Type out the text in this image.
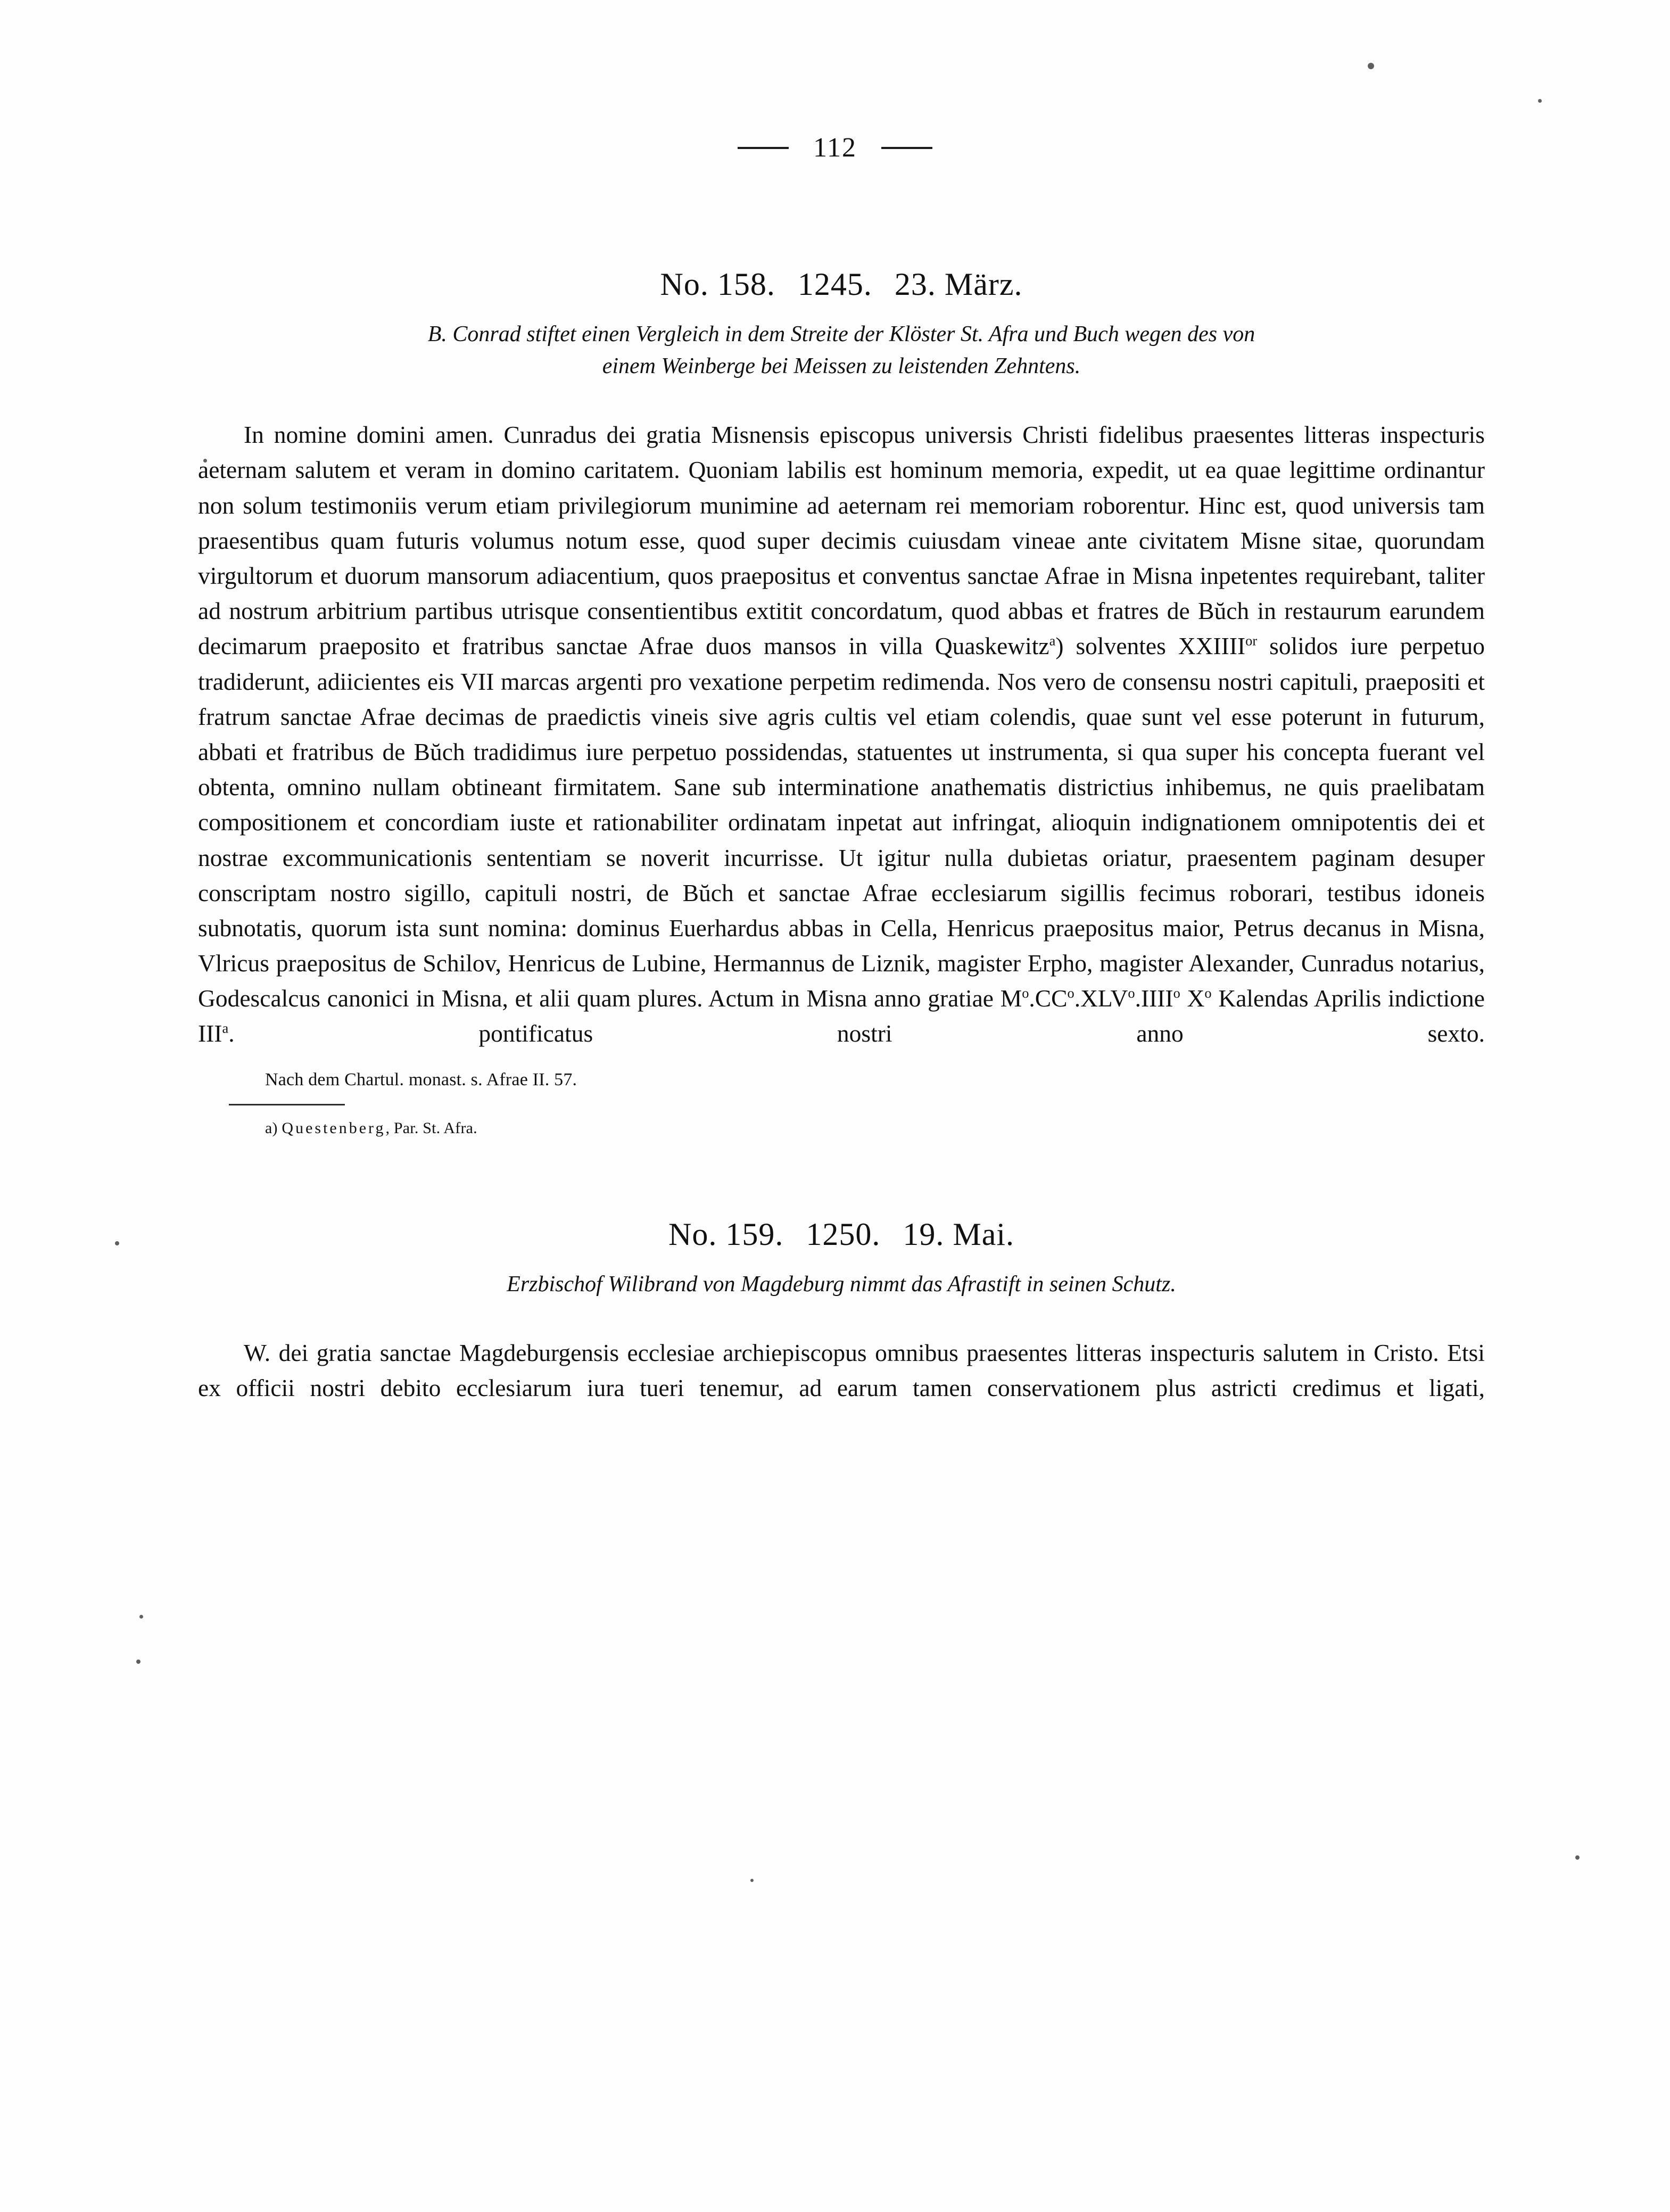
112
No. 158. 1245. 23. März.

B. Conrad stiftet einen Vergleich in dem Streite der Klöster St. Afra und Buch wegen des von
einem Weinberge bei Meissen zu leistenden Zehntens.

In nomine domini amen. Cunradus dei gratia Misnensis episcopus universis Christi fidelibus praesentes litteras inspecturis aeternam salutem et veram in domino caritatem. Quoniam labilis est hominum memoria, expedit, ut ea quae legittime ordinantur non solum testimoniis verum etiam privilegiorum munimine ad aeternam rei memoriam roborentur. Hinc est, quod universis tam praesentibus quam futuris volumus notum esse, quod super decimis cuiusdam vineae ante civitatem Misne sitae, quorundam virgultorum et duorum mansorum adiacentium, quos praepositus et conventus sanctae Afrae in Misna inpetentes requirebant, taliter ad nostrum arbitrium partibus utrisque consentientibus extitit concordatum, quod abbas et fratres de Bŭch in restaurum earundem decimarum praeposito et fratribus sanctae Afrae duos mansos in villa Quaskewitz$^a$) solventes $XXIIII^{or}$ solidos iure perpetuo tradiderunt, adiicientes eis VII marcas argenti pro vexatione perpetim redimenda. Nos vero de consensu nostri capituli, praepositi et fratrum sanctae Afrae decimas de praedictis vineis sive agris cultis vel etiam colendis, quae sunt vel esse poterunt in futurum, abbati et fratribus de Bŭch tradidimus iure perpetuo possidendas, statuentes ut instrumenta, si qua super his concepta fuerant vel obtenta, omnino nullam obtineant firmitatem. Sane sub interminatione anathematis districtius inhibemus, ne quis praelibatam compositionem et concordiam iuste et rationabiliter ordinatam inpetat aut infringat, alioquin indignationem omnipotentis dei et nostrae excommunicationis sententiam se noverit incurrisse. Ut igitur nulla dubietas oriatur, praesentem paginam desuper conscriptam nostro sigillo, capituli nostri, de Bŭch et sanctae Afrae ecclesiarum sigillis fecimus roborari, testibus idoneis subnotatis, quorum ista sunt nomina: dominus Euerhardus abbas in Cella, Henricus praepositus maior, Petrus decanus in Misna, Vlricus praepositus de Schilov, Henricus de Lubine, Hermannus de Liznik, magister Erpho, magister Alexander, Cunradus notarius, Godescalcus canonici in Misna, et alii quam plures. Actum in Misna anno gratiae $M^o.CC^o.XLV^o.IIII^o$ $X^o$ Kalendas Aprilis indictione III$^a$. pontificatus nostri anno sexto.

Nach dem Chartul. monast. s. Afrae II. 57.

a) Questenberg, Par. St. Afra.

No. 159. 1250. 19. Mai.

Erzbischof Wilibrand von Magdeburg nimmt das Afrastift in seinen Schutz.

W. dei gratia sanctae Magdeburgensis ecclesiae archiepiscopus omnibus praesentes litteras inspecturis salutem in Cristo. Etsi ex officii nostri debito ecclesiarum iura tueri tenemur, ad earum tamen conservationem plus astricti credimus et ligati,
